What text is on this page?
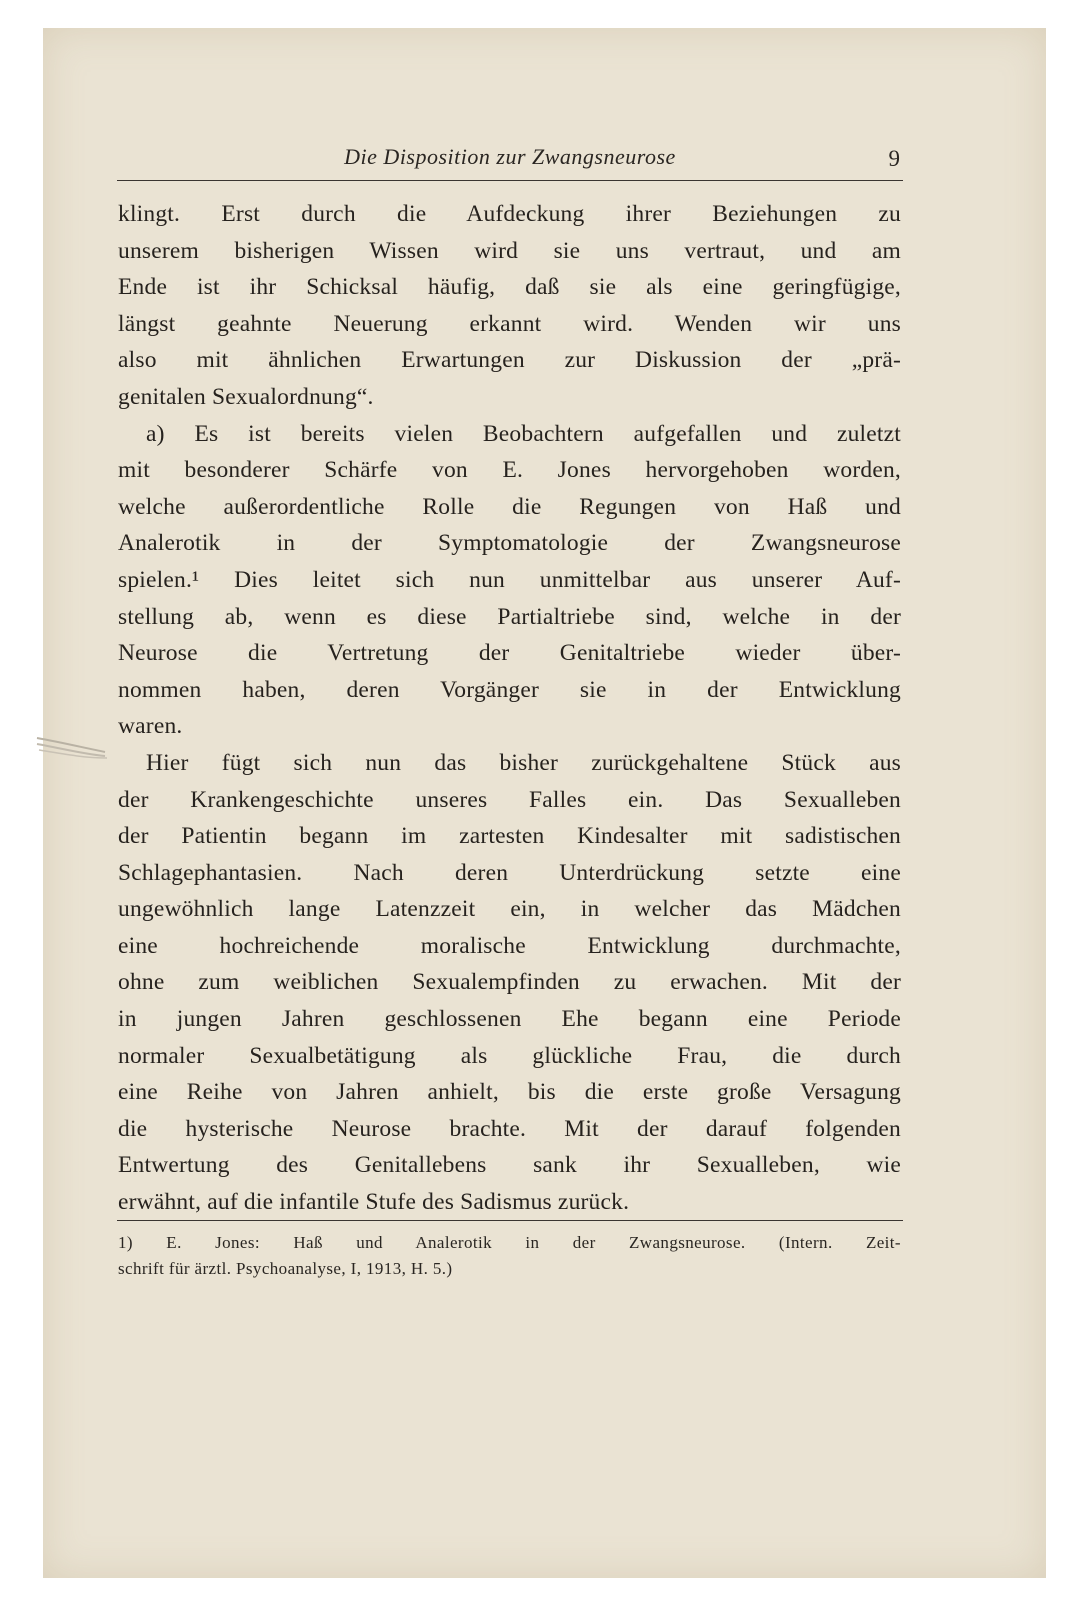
Die Disposition zur Zwangsneurose	9
klingt. Erst durch die Aufdeckung ihrer Beziehungen zu
unserem bisherigen Wissen wird sie uns vertraut, und am
Ende ist ihr Schicksal häufig, daß sie als eine geringfügige,
längst geahnte Neuerung erkannt wird. Wenden wir uns
also mit ähnlichen Erwartungen zur Diskussion der „prä-
genitalen Sexualordnung“.
a) Es ist bereits vielen Beobachtern aufgefallen und zuletzt
mit besonderer Schärfe von E. Jones hervorgehoben worden,
welche außerordentliche Rolle die Regungen von Haß und
Analerotik in der Symptomatologie der Zwangsneurose
spielen.¹ Dies leitet sich nun unmittelbar aus unserer Auf-
stellung ab, wenn es diese Partialtriebe sind, welche in der
Neurose die Vertretung der Genitaltriebe wieder über-
nommen haben, deren Vorgänger sie in der Entwicklung
waren.
Hier fügt sich nun das bisher zurückgehaltene Stück aus
der Krankengeschichte unseres Falles ein. Das Sexualleben
der Patientin begann im zartesten Kindesalter mit sadistischen
Schlagephantasien. Nach deren Unterdrückung setzte eine
ungewöhnlich lange Latenzzeit ein, in welcher das Mädchen
eine hochreichende moralische Entwicklung durchmachte,
ohne zum weiblichen Sexualempfinden zu erwachen. Mit der
in jungen Jahren geschlossenen Ehe begann eine Periode
normaler Sexualbetätigung als glückliche Frau, die durch
eine Reihe von Jahren anhielt, bis die erste große Versagung
die hysterische Neurose brachte. Mit der darauf folgenden
Entwertung des Genitallebens sank ihr Sexualleben, wie
erwähnt, auf die infantile Stufe des Sadismus zurück.
1) E. Jones: Haß und Analerotik in der Zwangsneurose. (Intern. Zeit-
schrift für ärztl. Psychoanalyse, I, 1913, H. 5.)
